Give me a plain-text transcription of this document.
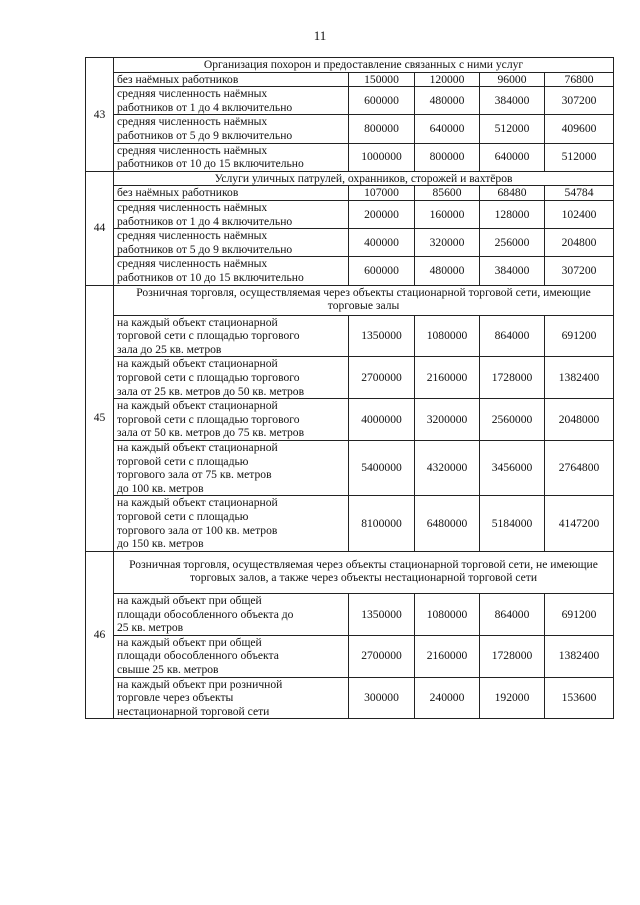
11
43	Организация похорон и предоставление связанных с ними услуг				

	без наёмных работников	150000	120000	96000	76800

	средняя численность наёмных
работников от 1 до 4 включительно	600000	480000	384000	307200

	средняя численность наёмных
работников от 5 до 9 включительно	800000	640000	512000	409600

	средняя численность наёмных
работников от 10 до 15 включительно	1000000	800000	640000	512000
44	Услуги уличных патрулей, охранников, сторожей и вахтёров				

	без наёмных работников	107000	85600	68480	54784

	средняя численность наёмных
работников от 1 до 4 включительно	200000	160000	128000	102400

	средняя численность наёмных
работников от 5 до 9 включительно	400000	320000	256000	204800

	средняя численность наёмных
работников от 10 до 15 включительно	600000	480000	384000	307200
45	Розничная торговля, осуществляемая через объекты стационарной торговой сети, имеющие торговые залы				

	на каждый объект стационарной
торговой сети с площадью торгового
зала до 25 кв. метров	1350000	1080000	864000	691200

	на каждый объект стационарной
торговой сети с площадью торгового
зала от 25 кв. метров до 50 кв. метров	2700000	2160000	1728000	1382400

	на каждый объект стационарной
торговой сети с площадью торгового
зала от 50 кв. метров до 75 кв. метров	4000000	3200000	2560000	2048000

	на каждый объект стационарной
торговой сети с площадью
торгового зала от 75 кв. метров
до 100 кв. метров	5400000	4320000	3456000	2764800

	на каждый объект стационарной
торговой сети с площадью
торгового зала от 100 кв. метров
до 150 кв. метров	8100000	6480000	5184000	4147200
46	Розничная торговля, осуществляемая через объекты стационарной торговой сети, не имеющие торговых залов, а также через объекты нестационарной торговой сети				

	на каждый объект при общей
площади обособленного объекта до
25 кв. метров	1350000	1080000	864000	691200

	на каждый объект при общей
площади обособленного объекта
свыше 25 кв. метров	2700000	2160000	1728000	1382400

	на каждый объект при розничной
торговле через объекты
нестационарной торговой сети	300000	240000	192000	153600
